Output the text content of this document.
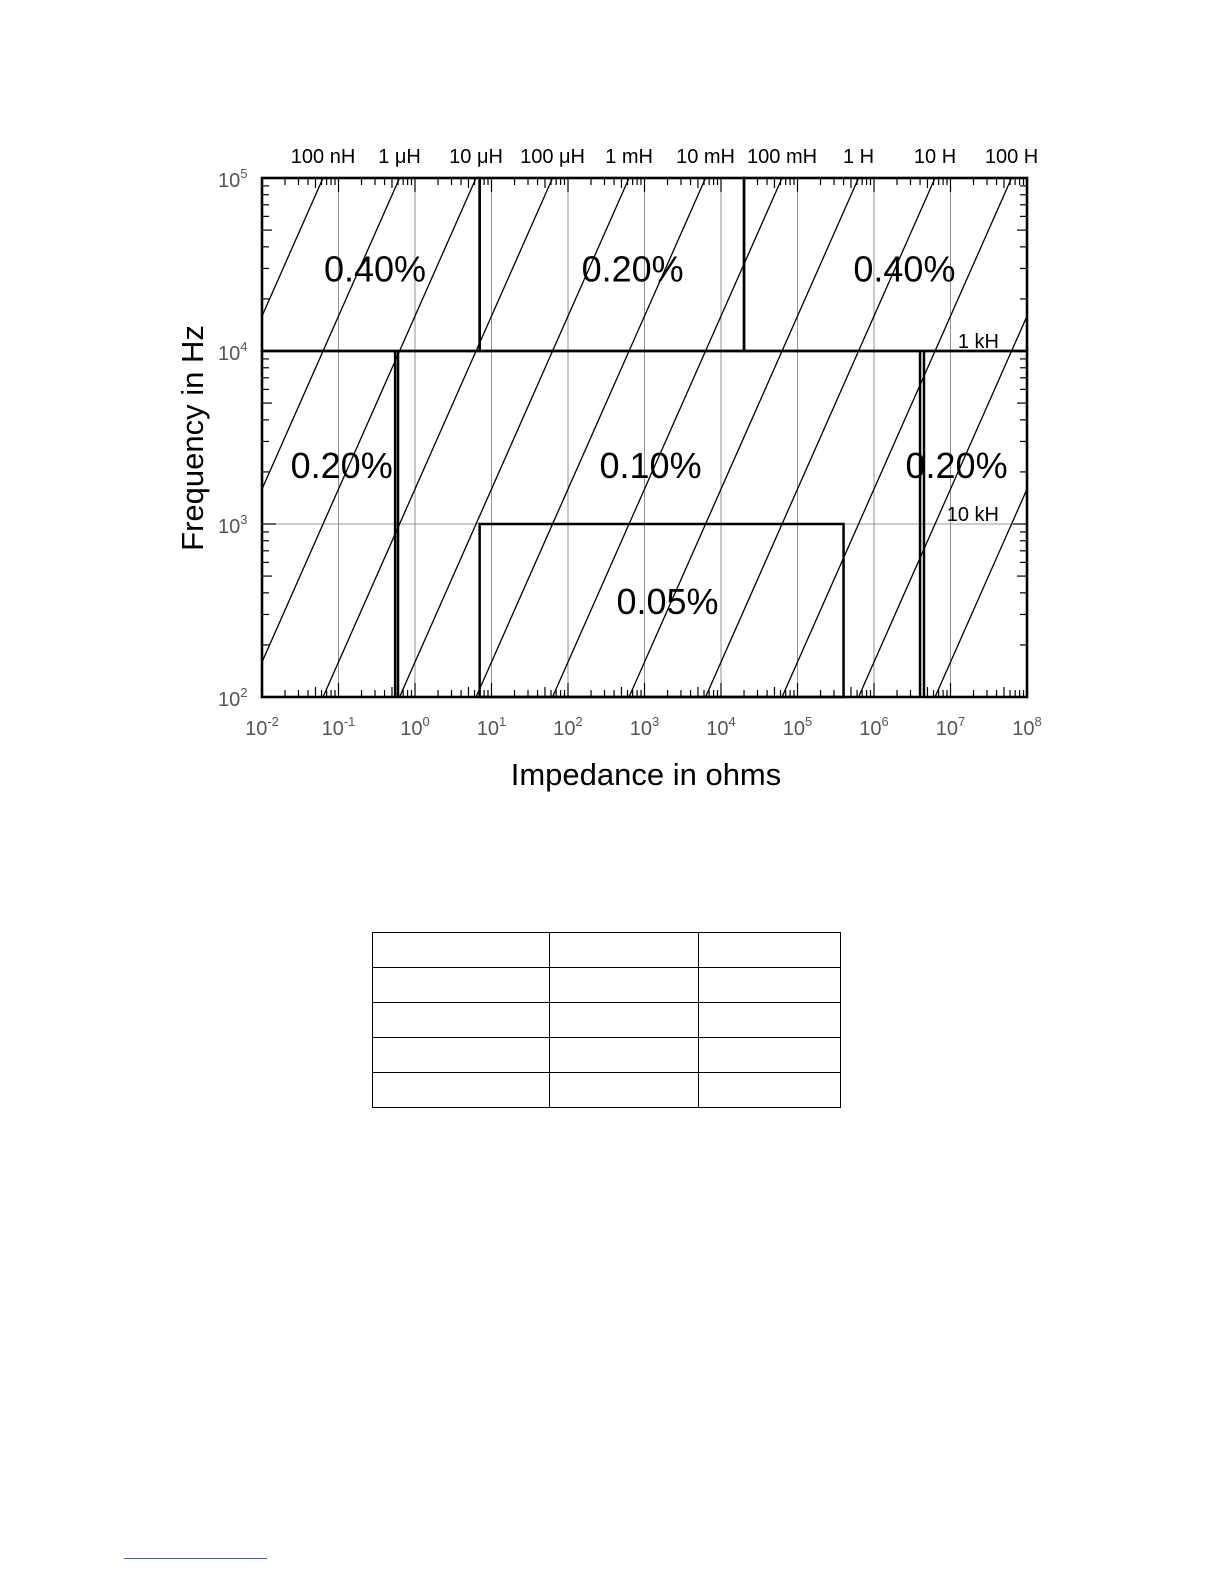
$10^{-2}$ $10^{-1}$ $10^0$ $10^1$ $10^2$ $10^3$ $10^4$ $10^5$ $10^6$ $10^7$ $10^8$
$10^2$
$10^3$
$10^4$
$10^5$
100 nH 1 μH 10 μH 100 μH 1 mH 10 mH 100 mH 1 H 10 H 100 H
1 kH
10 kH
0.40%	0.20%	0.40%
0.20%	0.10%	0.20%
0.05%
Impedance in ohms
Frequency in Hz
